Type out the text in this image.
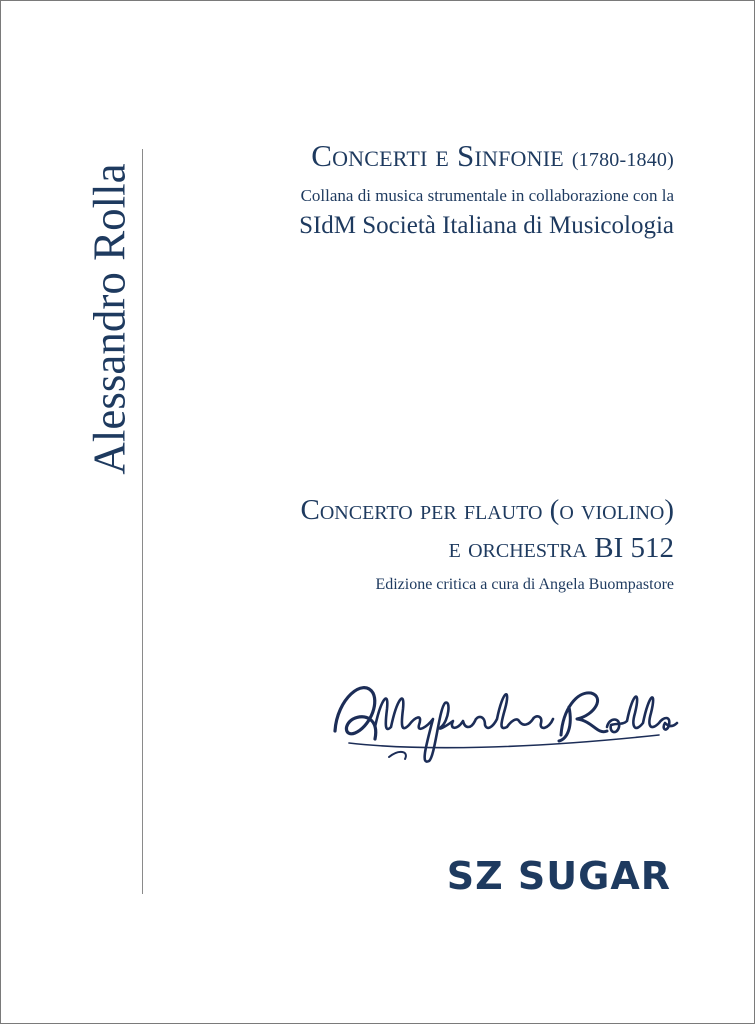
Alessandro Rolla
Concerti e Sinfonie (1780-1840)
Collana di musica strumentale in collaborazione con la
SIdM Società Italiana di Musicologia
Concerto per flauto (o violino)
e orchestra BI 512
Edizione critica a cura di Angela Buompastore
SZ SUGAR
